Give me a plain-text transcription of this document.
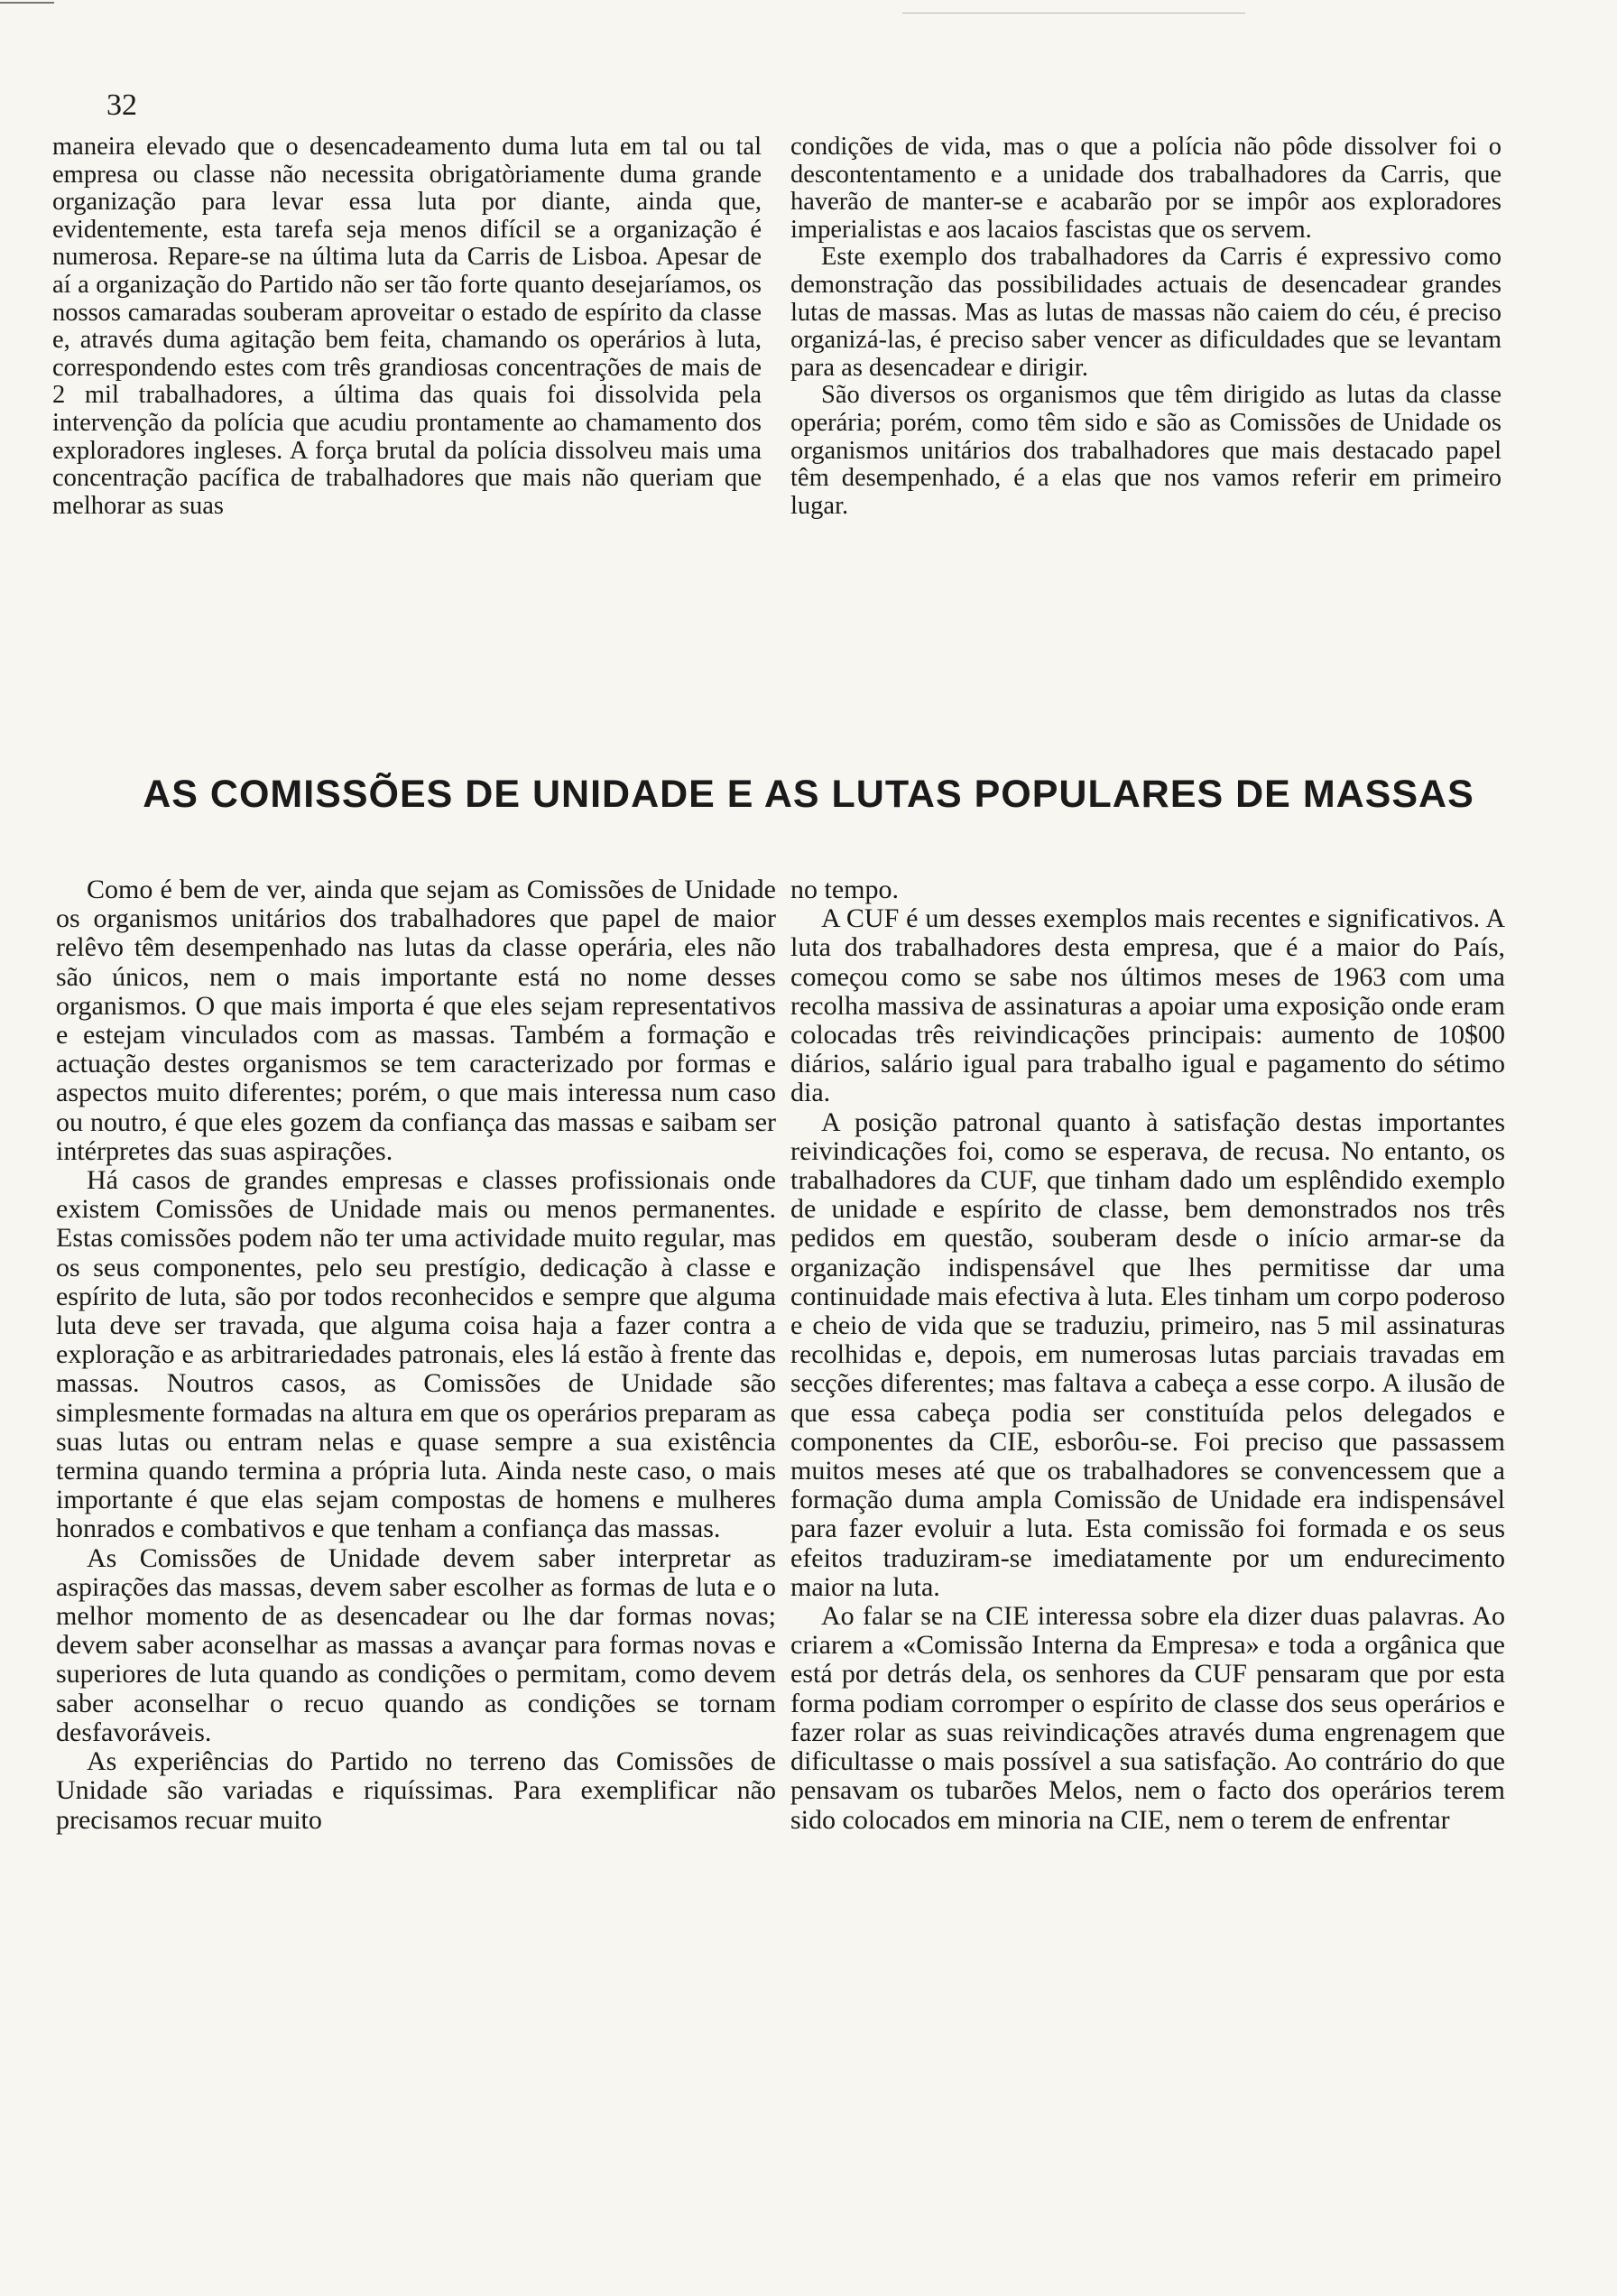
32

maneira elevado que o desencadeamento duma luta em tal ou tal empresa ou classe não necessita obrigatòriamente duma grande organização para levar essa luta por diante, ainda que, evidentemente, esta tarefa seja menos difícil se a organização é numerosa. Repare-se na última luta da Carris de Lisboa. Apesar de aí a organização do Partido não ser tão forte quanto desejaríamos, os nossos camaradas souberam aproveitar o estado de espírito da classe e, através duma agitação bem feita, chamando os operários à luta, correspondendo estes com três grandiosas concentrações de mais de 2 mil trabalhadores, a última das quais foi dissolvida pela intervenção da polícia que acudiu prontamente ao chamamento dos exploradores ingleses. A força brutal da polícia dissolveu mais uma concentração pacífica de trabalhadores que mais não queriam que melhorar as suas

condições de vida, mas o que a polícia não pôde dissolver foi o descontentamento e a unidade dos trabalhadores da Carris, que haverão de manter-se e acabarão por se impôr aos exploradores imperialistas e aos lacaios fascistas que os servem.

Este exemplo dos trabalhadores da Carris é expressivo como demonstração das possibilidades actuais de desencadear grandes lutas de massas. Mas as lutas de massas não caiem do céu, é preciso organizá-las, é preciso saber vencer as dificuldades que se levantam para as desencadear e dirigir.

São diversos os organismos que têm dirigido as lutas da classe operária; porém, como têm sido e são as Comissões de Unidade os organismos unitários dos trabalhadores que mais destacado papel têm desempenhado, é a elas que nos vamos referir em primeiro lugar.

AS COMISSÕES DE UNIDADE E AS LUTAS POPULARES DE MASSAS

Como é bem de ver, ainda que sejam as Comissões de Unidade os organismos unitários dos trabalhadores que papel de maior relêvo têm desempenhado nas lutas da classe operária, eles não são únicos, nem o mais importante está no nome desses organismos. O que mais importa é que eles sejam representativos e estejam vinculados com as massas. Também a formação e actuação destes organismos se tem caracterizado por formas e aspectos muito diferentes; porém, o que mais interessa num caso ou noutro, é que eles gozem da confiança das massas e saibam ser intérpretes das suas aspirações.

Há casos de grandes empresas e classes profissionais onde existem Comissões de Unidade mais ou menos permanentes. Estas comissões podem não ter uma actividade muito regular, mas os seus componentes, pelo seu prestígio, dedicação à classe e espírito de luta, são por todos reconhecidos e sempre que alguma luta deve ser travada, que alguma coisa haja a fazer contra a exploração e as arbitrariedades patronais, eles lá estão à frente das massas. Noutros casos, as Comissões de Unidade são simplesmente formadas na altura em que os operários preparam as suas lutas ou entram nelas e quase sempre a sua existência termina quando termina a própria luta. Ainda neste caso, o mais importante é que elas sejam compostas de homens e mulheres honrados e combativos e que tenham a confiança das massas.

As Comissões de Unidade devem saber interpretar as aspirações das massas, devem saber escolher as formas de luta e o melhor momento de as desencadear ou lhe dar formas novas; devem saber aconselhar as massas a avançar para formas novas e superiores de luta quando as condições o permitam, como devem saber aconselhar o recuo quando as condições se tornam desfavoráveis.

As experiências do Partido no terreno das Comissões de Unidade são variadas e riquíssimas. Para exemplificar não precisamos recuar muito

no tempo.

A CUF é um desses exemplos mais recentes e significativos. A luta dos trabalhadores desta empresa, que é a maior do País, começou como se sabe nos últimos meses de 1963 com uma recolha massiva de assinaturas a apoiar uma exposição onde eram colocadas três reivindicações principais: aumento de 10$00 diários, salário igual para trabalho igual e pagamento do sétimo dia.

A posição patronal quanto à satisfação destas importantes reivindicações foi, como se esperava, de recusa. No entanto, os trabalhadores da CUF, que tinham dado um esplêndido exemplo de unidade e espírito de classe, bem demonstrados nos três pedidos em questão, souberam desde o início armar-se da organização indispensável que lhes permitisse dar uma continuidade mais efectiva à luta. Eles tinham um corpo poderoso e cheio de vida que se traduziu, primeiro, nas 5 mil assinaturas recolhidas e, depois, em numerosas lutas parciais travadas em secções diferentes; mas faltava a cabeça a esse corpo. A ilusão de que essa cabeça podia ser constituída pelos delegados e componentes da CIE, esborôu-se. Foi preciso que passassem muitos meses até que os trabalhadores se convencessem que a formação duma ampla Comissão de Unidade era indispensável para fazer evoluir a luta. Esta comissão foi formada e os seus efeitos traduziram-se imediatamente por um endurecimento maior na luta.

Ao falar se na CIE interessa sobre ela dizer duas palavras. Ao criarem a «Comissão Interna da Empresa» e toda a orgânica que está por detrás dela, os senhores da CUF pensaram que por esta forma podiam corromper o espírito de classe dos seus operários e fazer rolar as suas reivindicações através duma engrenagem que dificultasse o mais possível a sua satisfação. Ao contrário do que pensavam os tubarões Melos, nem o facto dos operários terem sido colocados em minoria na CIE, nem o terem de enfrentar
